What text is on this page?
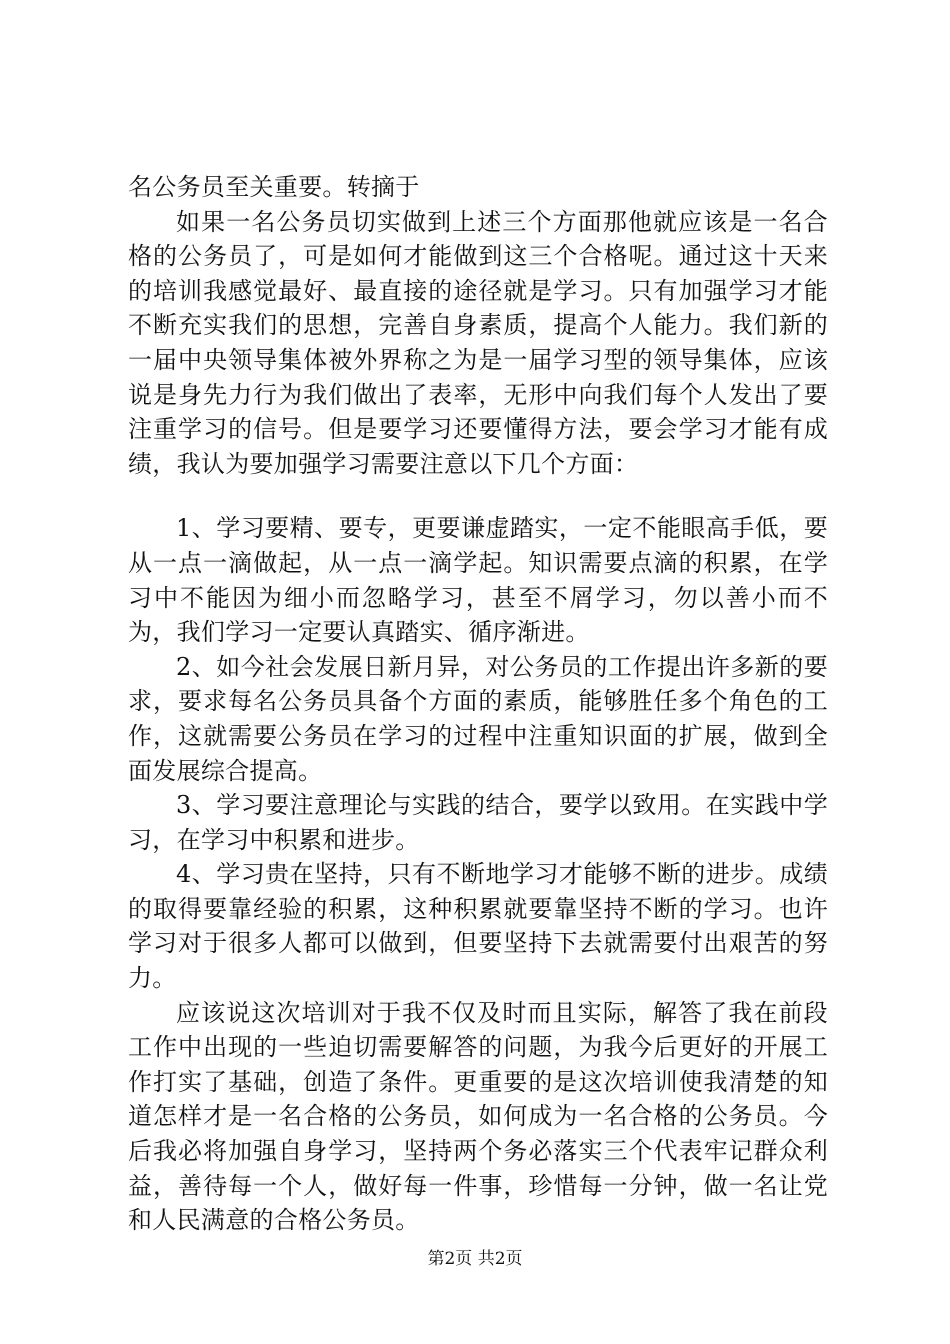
名公务员至关重要。转摘于

如果一名公务员切实做到上述三个方面那他就应该是一名合格的公务员了，可是如何才能做到这三个合格呢。通过这十天来的培训我感觉最好、最直接的途径就是学习。只有加强学习才能不断充实我们的思想，完善自身素质，提高个人能力。我们新的一届中央领导集体被外界称之为是一届学习型的领导集体，应该说是身先力行为我们做出了表率，无形中向我们每个人发出了要注重学习的信号。但是要学习还要懂得方法，要会学习才能有成绩，我认为要加强学习需要注意以下几个方面：

1、学习要精、要专，更要谦虚踏实，一定不能眼高手低，要从一点一滴做起，从一点一滴学起。知识需要点滴的积累，在学习中不能因为细小而忽略学习，甚至不屑学习，勿以善小而不为，我们学习一定要认真踏实、循序渐进。

2、如今社会发展日新月异，对公务员的工作提出许多新的要求，要求每名公务员具备个方面的素质，能够胜任多个角色的工作，这就需要公务员在学习的过程中注重知识面的扩展，做到全面发展综合提高。

3、学习要注意理论与实践的结合，要学以致用。在实践中学习，在学习中积累和进步。

4、学习贵在坚持，只有不断地学习才能够不断的进步。成绩的取得要靠经验的积累，这种积累就要靠坚持不断的学习。也许学习对于很多人都可以做到，但要坚持下去就需要付出艰苦的努力。

应该说这次培训对于我不仅及时而且实际，解答了我在前段工作中出现的一些迫切需要解答的问题，为我今后更好的开展工作打实了基础，创造了条件。更重要的是这次培训使我清楚的知道怎样才是一名合格的公务员，如何成为一名合格的公务员。今后我必将加强自身学习，坚持两个务必落实三个代表牢记群众利益，善待每一个人，做好每一件事，珍惜每一分钟，做一名让党和人民满意的合格公务员。

第2页 共2页
